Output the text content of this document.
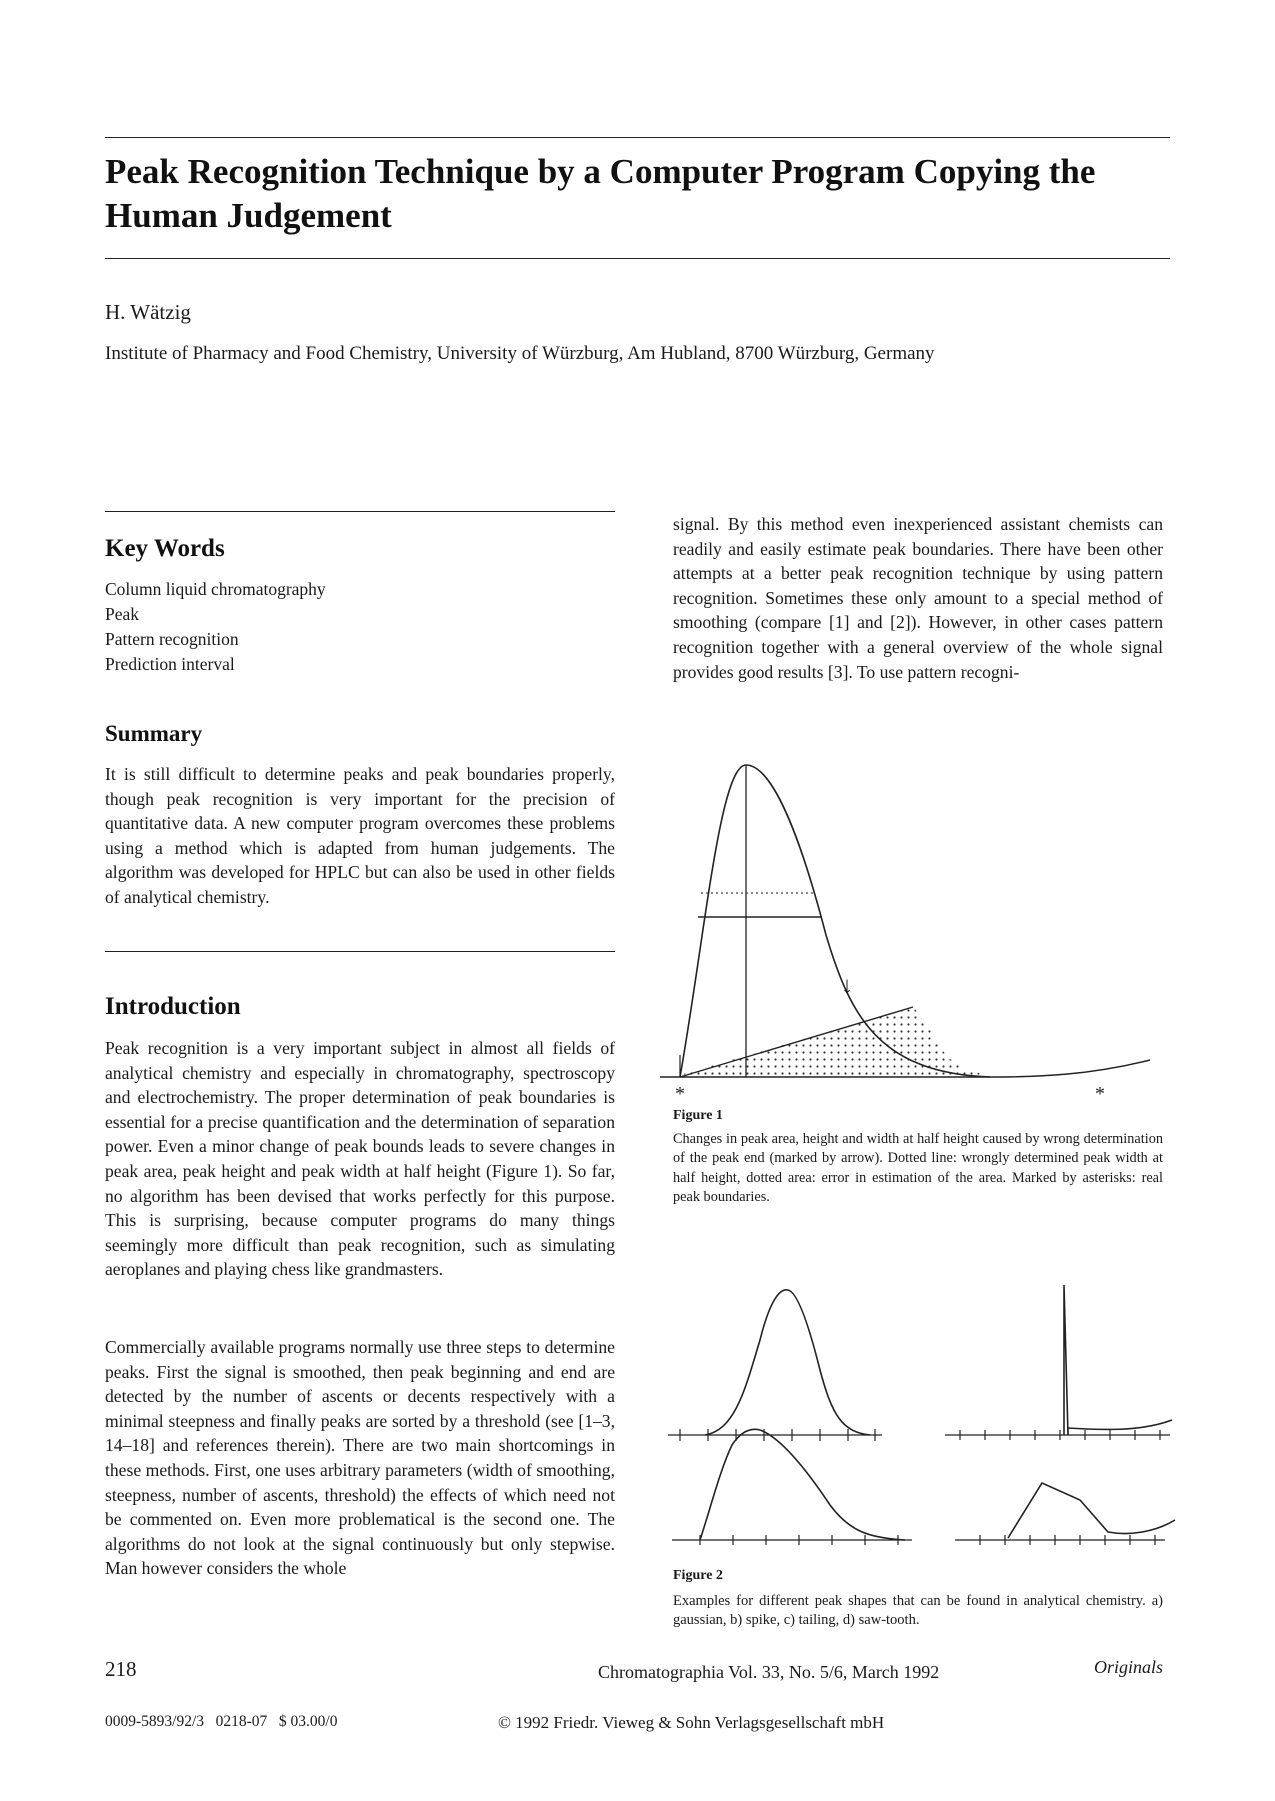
Peak Recognition Technique by a Computer Program Copying the Human Judgement
H. Wätzig
Institute of Pharmacy and Food Chemistry, University of Würzburg, Am Hubland, 8700 Würzburg, Germany
Key Words
Column liquid chromatography
Peak
Pattern recognition
Prediction interval
Summary
It is still difficult to determine peaks and peak boundaries properly, though peak recognition is very important for the precision of quantitative data. A new computer program overcomes these problems using a method which is adapted from human judgements. The algorithm was developed for HPLC but can also be used in other fields of analytical chemistry.
Introduction
Peak recognition is a very important subject in almost all fields of analytical chemistry and especially in chromatography, spectroscopy and electrochemistry. The proper determination of peak boundaries is essential for a precise quantification and the determination of separation power. Even a minor change of peak bounds leads to severe changes in peak area, peak height and peak width at half height (Figure 1). So far, no algorithm has been devised that works perfectly for this purpose. This is surprising, because computer programs do many things seemingly more difficult than peak recognition, such as simulating aeroplanes and playing chess like grandmasters.
Commercially available programs normally use three steps to determine peaks. First the signal is smoothed, then peak beginning and end are detected by the number of ascents or decents respectively with a minimal steepness and finally peaks are sorted by a threshold (see [1–3, 14–18] and references therein). There are two main shortcomings in these methods. First, one uses arbitrary parameters (width of smoothing, steepness, number of ascents, threshold) the effects of which need not be commented on. Even more problematical is the second one. The algorithms do not look at the signal continuously but only stepwise. Man however considers the whole
signal. By this method even inexperienced assistant chemists can readily and easily estimate peak boundaries. There have been other attempts at a better peak recognition technique by using pattern recognition. Sometimes these only amount to a special method of smoothing (compare [1] and [2]). However, in other cases pattern recognition together with a general overview of the whole signal provides good results [3]. To use pattern recogni-
↓
*	*
Figure 1
Changes in peak area, height and width at half height caused by wrong determination of the peak end (marked by arrow). Dotted line: wrongly determined peak width at half height, dotted area: error in estimation of the area. Marked by asterisks: real peak boundaries.
Figure 2
Examples for different peak shapes that can be found in analytical chemistry. a) gaussian, b) spike, c) tailing, d) saw-tooth.
218	Chromatographia Vol. 33, No. 5/6, March 1992	Originals
0009-5893/92/3   0218-07   $ 03.00/0	© 1992 Friedr. Vieweg & Sohn Verlagsgesellschaft mbH
